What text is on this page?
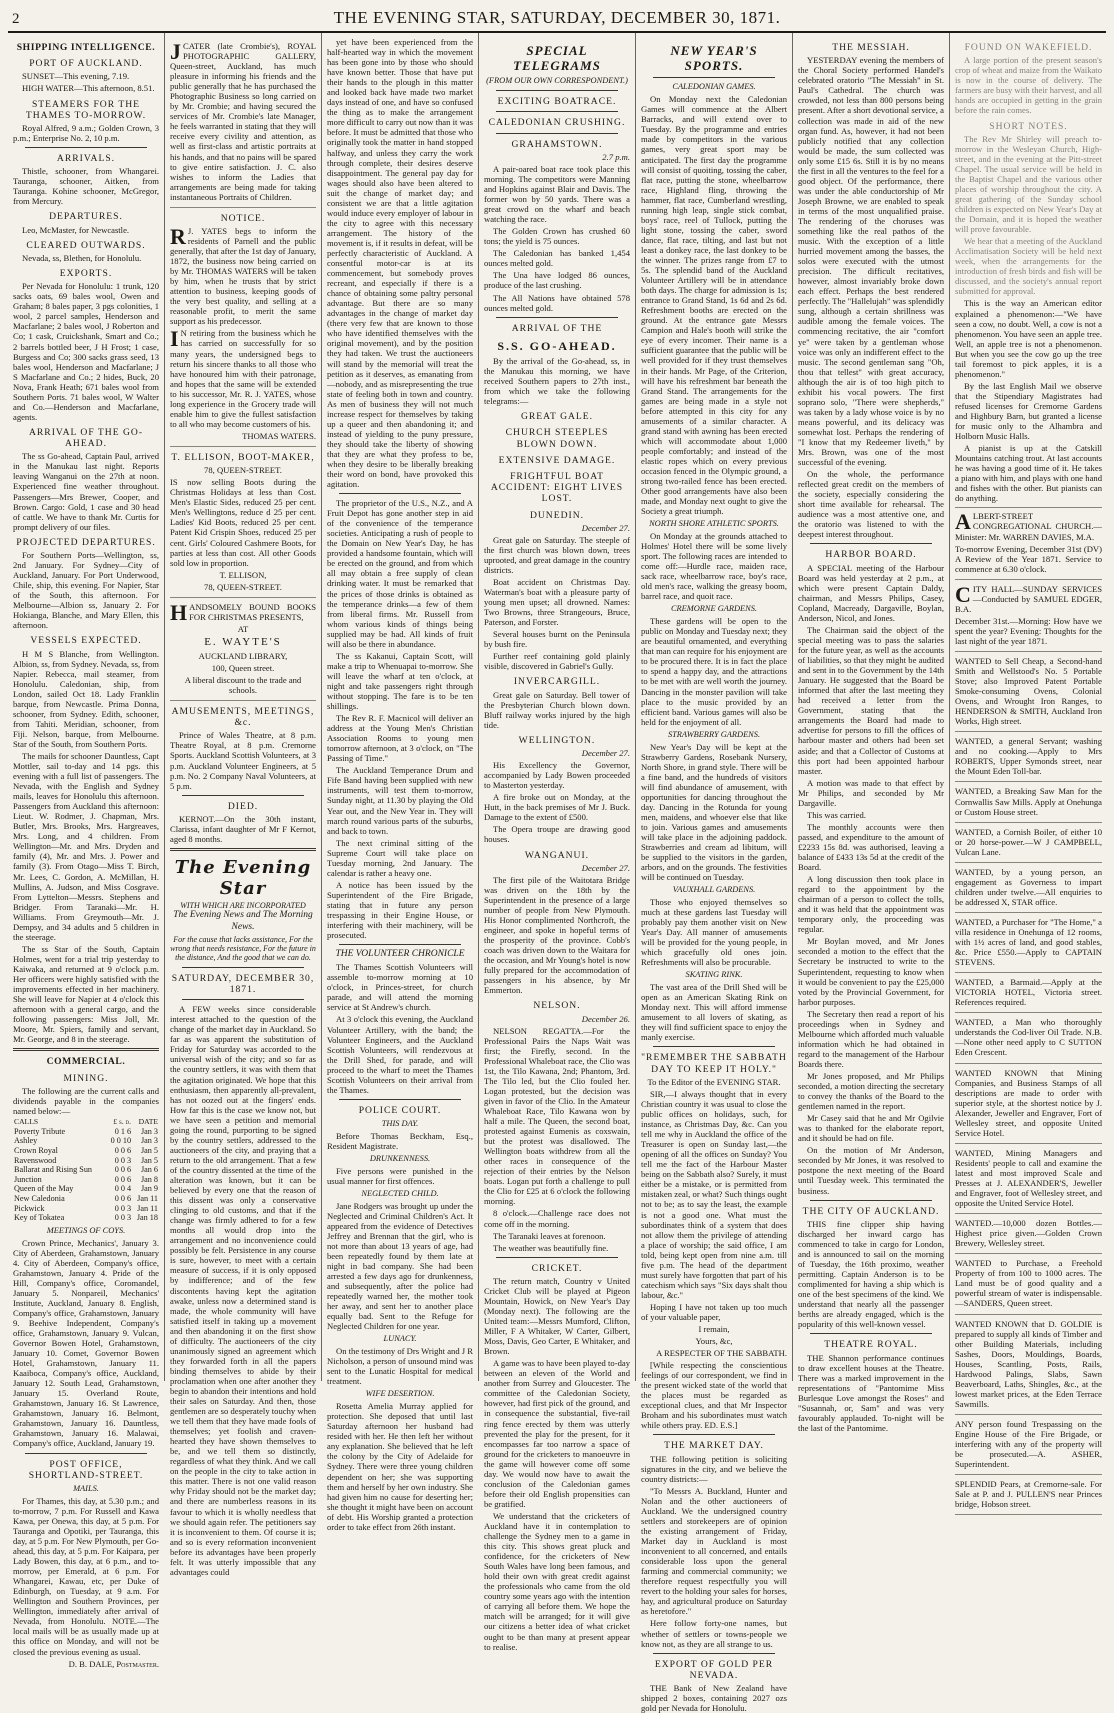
2	THE EVENING STAR, SATURDAY, DECEMBER 30, 1871.
SHIPPING INTELLIGENCE.
PORT OF AUCKLAND.

SUNSET—This evening, 7.19.

HIGH WATER—This afternoon, 8.51.

STEAMERS FOR THE THAMES TO-MORROW.

Royal Alfred, 9 a.m.; Golden Crown, 3 p.m.; Enterprise No. 2, 10 p.m.

ARRIVALS.

Thistle, schooner, from Whangarei. Tauranga, schooner, Aitken, from Tauranga. Kohine schooner, McGregor, from Mercury.

DEPARTURES.

Leo, McMaster, for Newcastle.

CLEARED OUTWARDS.

Nevada, ss, Blethen, for Honolulu.

EXPORTS.

Per Nevada for Honolulu: 1 trunk, 120 sacks oats, 69 bales wool, Owen and Graham; 8 bales paper, 3 pgs colonities, 1 wool, 2 parcel samples, Henderson and Macfarlane; 2 bales wool, J Roberton and Co; 1 cask, Cruickshank, Smart and Co.; 2 barrels bottled beer, J H Frost; 1 case, Burgess and Co; 300 sacks grass seed, 13 bales wool, Henderson and Macfarlane; J S Macfarlane and Co.; 2 hides, Buck, 20 Nova, Frank Heath; 671 bales wool from Southern Ports. 71 bales wool, W Walter and Co.—Henderson and Macfarlane, agents.

ARRIVAL OF THE GO-AHEAD.

The ss Go-ahead, Captain Paul, arrived in the Manukau last night. Reports leaving Wanganui on the 27th at noon. Experienced fine weather throughout. Passengers—Mrs Brewer, Cooper, and Brown. Cargo: Gold, 1 case and 30 head of cattle. We have to thank Mr. Curtis for prompt delivery of our files.

PROJECTED DEPARTURES.

For Southern Ports—Wellington, ss, 2nd January. For Sydney—City of Auckland, January. For Port Underwood, Chile, ship, this evening. For Napier, Star of the South, this afternoon. For Melbourne—Albion ss, January 2. For Hokianga, Blanche, and Mary Ellen, this afternoon.

VESSELS EXPECTED.

H M S Blanche, from Wellington. Albion, ss, from Sydney. Nevada, ss, from Napier. Rebecca, mail steamer, from Honolulu. Caledonian, ship, from London, sailed Oct 18. Lady Franklin barque, from Newcastle. Prima Donna, schooner, from Sydney. Edith, schooner, from Tahiti. Meridian, schooner, from Fiji. Nelson, barque, from Melbourne. Star of the South, from Southern Ports.

The mails for schooner Dauntless, Capt Mottler, sail to-day and 14 pgs. this evening with a full list of passengers. The Nevada, with the English and Sydney mails, leaves for Honolulu this afternoon. Passengers from Auckland this afternoon: Lieut. W. Rodmer, J. Chapman, Mrs. Butler, Mrs. Brooks, Mrs. Hargreaves, Mrs. Long, and 4 children. From Wellington—Mr. and Mrs. Dryden and family (4), Mr. and Mrs. J. Power and family (3). From Otago—Miss T. Birch, Mr. Lees, C. Gordon, A. McMillan, H. Mullins, A. Judson, and Miss Cosgrave. From Lyttelton—Messrs. Stephens and Bridger. From Taranaki—Mr. H. Williams. From Greymouth—Mr. J. Dempsy, and 34 adults and 5 children in the steerage.

The ss Star of the South, Captain Holmes, went for a trial trip yesterday to Kaiwaka, and returned at 9 o'clock p.m. Her officers were highly satisfied with the improvements effected in her machinery. She will leave for Napier at 4 o'clock this afternoon with a general cargo, and the following passengers: Miss Joll, Mr. Moore, Mr. Spiers, family and servant, Mr. George, and 8 in the steerage.

COMMERCIAL.
MINING.

The following are the current calls and dividends payable in the companies named below:—

CALLS	£ s. d.	DATE
Poverty Tribute	0 1 6	Jan 3
Ashley	0 0 10	Jan 3
Crown Royal	0 0 6	Jan 5
Ravenswood	0 0 3	Jan 5
Ballarat and Rising Sun	0 0 6	Jan 6
Junction	0 0 6	Jan 8
Queen of the May	0 0 4	Jan 9
New Caledonia	0 0 6	Jan 11
Pickwick	0 0 3	Jan 11
Key of Tokatea	0 0 3	Jan 18
MEETINGS OF COYS.

Crown Prince, Mechanics', January 3. City of Aberdeen, Grahamstown, January 4. City of Aberdeen, Company's office, Grahamstown, January 4. Pride of the Hill, Company's office, Coromandel, January 5. Nonpareil, Mechanics' Institute, Auckland, January 8. English, Company's office, Grahamstown, January 9. Beehive Independent, Company's office, Grahamstown, January 9. Vulcan, Governor Bowen Hotel, Grahamstown, January 10. Comet, Governor Bowen Hotel, Grahamstown, January 11. Kaaiboca, Company's office, Auckland, January 12. South Lead, Grahamstown, January 15. Overland Route, Grahamstown, January 16. St Lawrence, Grahamstown, January 16. Belmont, Grahamstown, January 16. Dauntless, Grahamstown, January 16. Malawai, Company's office, Auckland, January 19.

POST OFFICE, SHORTLAND-STREET.
MAILS.

For Thames, this day, at 5.30 p.m.; and to-morrow, 7 p.m. For Russell and Kawa Kawa, per Onewa, this day, at 5 p.m. For Tauranga and Opotiki, per Tauranga, this day, at 5 p.m. For New Plymouth, per Go-ahead, this day, at 5 p.m. For Kaipara, per Lady Bowen, this day, at 6 p.m., and to-morrow, per Emerald, at 6 p.m. For Whangarei, Kawau, etc, per Duke of Edinburgh, on Tuesday, at 9 a.m. For Wellington and Southern Provinces, per Wellington, immediately after arrival of Nevada, from Honolulu. NOTE.—The local mails will be as usually made up at this office on Monday, and will not be closed the previous evening as usual.

D. B. DALE, Postmaster.

J CATER (late Crombie's), ROYAL PHOTOGRAPHIC GALLERY, Queen-street, Auckland, has much pleasure in informing his friends and the public generally that he has purchased the Photographic Business so long carried on by Mr. Crombie; and having secured the services of Mr. Crombie's late Manager, he feels warranted in stating that they will receive every civility and attention, as well as first-class and artistic portraits at his hands, and that no pains will be spared to give entire satisfaction. J. C. also wishes to inform the Ladies that arrangements are being made for taking instantaneous Portraits of Children.

NOTICE.
R J. YATES begs to inform the residents of Parnell and the public generally, that after the 1st day of January, 1872, the business now being carried on by Mr. THOMAS WATERS will be taken by him, when he trusts that by strict attention to business, keeping goods of the very best quality, and selling at a reasonable profit, to merit the same support as his predecessor.

I N retiring from the business which he has carried on successfully for so many years, the undersigned begs to return his sincere thanks to all those who have honoured him with their patronage, and hopes that the same will be extended to his successor, Mr. R. J. YATES, whose long experience in the Grocery trade will enable him to give the fullest satisfaction to all who may become customers of his.

THOMAS WATERS.

T. ELLISON, BOOT-MAKER,

78, QUEEN-STREET.

IS now selling Boots during the Christmas Holidays at less than Cost. Men's Elastic Sides, reduced 25 per cent. Men's Wellingtons, reduce d 25 per cent. Ladies' Kid Boots, reduced 25 per cent. Patent Kid Crispin Shoes, reduced 25 per cent. Girls' Coloured Cashmere Boots, for parties at less than cost. All other Goods sold low in proportion.

T. ELLISON,

78, QUEEN-STREET.

H ANDSOMELY BOUND BOOKS FOR CHRISTMAS PRESENTS,

AT

E. WAYTE'S

AUCKLAND LIBRARY,

100, Queen street.

A liberal discount to the trade and schools.

AMUSEMENTS, MEETINGS, &c.

Prince of Wales Theatre, at 8 p.m. Theatre Royal, at 8 p.m. Cremorne Sports. Auckland Scottish Volunteers, at 3 p.m. Auckland Volunteer Engineers, at 5 p.m. No. 2 Company Naval Volunteers, at 5 p.m.

DIED.

KERNOT.—On the 30th instant, Clarissa, infant daughter of Mr F Kernot, aged 8 months.

The Evening Star
WITH WHICH ARE INCORPORATED
The Evening News and The Morning News.
For the cause that lacks assistance, For the wrong that needs resistance, For the future in the distance, And the good that we can do.
SATURDAY, DECEMBER 30, 1871.

A FEW weeks since considerable interest attached to the question of the change of the market day in Auckland. So far as was apparent the substitution of Friday for Saturday was accorded to the universal wish of the city; and so far as the country settlers, it was with them that the agitation originated. We hope that this enthusiasm, then apparently all-prevalent, has not oozed out at the fingers' ends. How far this is the case we know not, but we have seen a petition and memorial going the round, purporting to be signed by the country settlers, addressed to the auctioneers of the city, and praying that a return to the old arrangement. That a few of the country dissented at the time of the alteration was known, but it can be believed by every one that the reason of this dissent was only a conservative clinging to old customs, and that if the change was firmly adhered to for a few months all would drop into the arrangement and no inconvenience could possibly be felt. Persistence in any course is sure, however, to meet with a certain measure of success, if it is only opposed by indifference; and of the few discontents having kept the agitation awake, unless now a determined stand is made, the whole community will have satisfied itself in taking up a movement and then abandoning it on the first show of difficulty. The auctioneers of the city unanimously signed an agreement which they forwarded forth in all the papers binding themselves to abide by their proclamation when one after another they begin to abandon their intentions and hold their sales on Saturday. And then, those gentlemen are so desperately touchy when we tell them that they have made fools of themselves; yet foolish and craven-hearted they have shown themselves to be, and we tell them so distinctly, regardless of what they think. And we call on the people in the city to take action in this matter. There is not one valid reason why Friday should not be the market day; and there are numberless reasons in its favour to which it is wholly needless that we should again refer. The petitioners say it is inconvenient to them. Of course it is; and so is every reformation inconvenient before its advantages have been properly felt. It was utterly impossible that any advantages could

yet have been experienced from the half-hearted way in which the movement has been gone into by those who should have known better. Those that have put their hands to the plough in this matter and looked back have made two market days instead of one, and have so confused the thing as to make the arrangement more difficult to carry out now than it was before. It must be admitted that those who originally took the matter in hand stopped halfway, and unless they carry the work through complete, their desires deserve disappointment. The general pay day for wages should also have been altered to suit the change of market day; and consistent we are that a little agitation would induce every employer of labour in the city to agree with this necessary arrangement. The history of the movement is, if it results in defeat, will be perfectly characteristic of Auckland. A consentful motor-car is at its commencement, but somebody proves recreant, and especially if there is a chance of obtaining some paltry personal advantage. But there are so many advantages in the change of market day (there very few that are known to those who have identified themselves with the original movement), and by the position they had taken. We trust the auctioneers will stand by the memorial will treat the petition as it deserves, as emanating from—nobody, and as misrepresenting the true state of feeling both in town and country. As men of business they will not much increase respect for themselves by taking up a queer and then abandoning it; and instead of yielding to the puny pressure, they should take the liberty of showing that they are what they profess to be, when they desire to be liberally breaking their word on bond, have provoked this agitation.

The proprietor of the U.S., N.Z., and A Fruit Depot has gone another step in aid of the convenience of the temperance societies. Anticipating a rush of people to the Domain on New Year's Day, he has provided a handsome fountain, which will be erected on the ground, and from which all may obtain a free supply of clean drinking water. It must be remarked that the prices of those drinks is obtained as the temperance drinks—a few of them from liberal firms. Mr. Russell from whom various kinds of things being supplied may be had. All kinds of fruit will also be there in abundance.

The ss Kakanui, Captain Scott, will make a trip to Whenuapai to-morrow. She will leave the wharf at ten o'clock, at night and take passengers right through without stopping. The fare is to be ten shillings.

The Rev R. F. Macnicol will deliver an address at the Young Men's Christian Association Rooms to young men tomorrow afternoon, at 3 o'clock, on "The Passing of Time."

The Auckland Temperance Drum and Fife Band having been supplied with new instruments, will test them to-morrow, Sunday night, at 11.30 by playing the Old Year out, and the New Year in. They will march round various parts of the suburbs, and back to town.

The next criminal sitting of the Supreme Court will take place on Tuesday morning, 2nd January. The calendar is rather a heavy one.

A notice has been issued by the Superintendent of the Fire Brigade, stating that in future any person trespassing in their Engine House, or interfering with their machinery, will be prosecuted.

THE VOLUNTEER CHRONICLE

The Thames Scottish Volunteers will assemble to-morrow morning at 10 o'clock, in Princes-street, for church parade, and will attend the morning service at St Andrew's church.

At 3 o'clock this evening, the Auckland Volunteer Artillery, with the band; the Volunteer Engineers, and the Auckland Scottish Volunteers, will rendezvous at the Drill Shed, for parade, and will proceed to the wharf to meet the Thames Scottish Volunteers on their arrival from the Thames.

POLICE COURT.
THIS DAY.

Before Thomas Beckham, Esq., Resident Magistrate.

DRUNKENNESS.

Five persons were punished in the usual manner for first offences.

NEGLECTED CHILD.

Jane Rodgers was brought up under the Neglected and Criminal Children's Act. It appeared from the evidence of Detectives Jeffrey and Brennan that the girl, who is not more than about 13 years of age, had been repeatedly found by them late at night in bad company. She had been arrested a few days ago for drunkenness, and subsequently, after the police had repeatedly warned her, the mother took her away, and sent her to another place equally bad. Sent to the Refuge for Neglected Children for one year.

LUNACY.

On the testimony of Drs Wright and J R Nicholson, a person of unsound mind was sent to the Lunatic Hospital for medical treatment.

WIFE DESERTION.

Rosetta Amelia Murray applied for protection. She deposed that until last Saturday afternoon her husband had resided with her. He then left her without any explanation. She believed that he left the colony by the City of Adelaide for Sydney. There were three young children dependent on her; she was supporting them and herself by her own industry. She had given him no cause for deserting her; she thought it might have been on account of debt. His Worship granted a protection order to take effect from 26th instant.

SPECIAL TELEGRAMS
(FROM OUR OWN CORRESPONDENT.)
EXCITING BOATRACE.
CALEDONIAN CRUSHING.
GRAHAMSTOWN.

2.7 p.m.

A pair-oared boat race took place this morning. The competitors were Manning and Hopkins against Blair and Davis. The former won by 50 yards. There was a great crowd on the wharf and beach watching the race.

The Golden Crown has crushed 60 tons; the yield is 75 ounces.

The Caledonian has banked 1,454 ounces melted gold.

The Una have lodged 86 ounces, produce of the last crushing.

The All Nations have obtained 578 ounces melted gold.

ARRIVAL OF THE
S.S. GO-AHEAD.

By the arrival of the Go-ahead, ss, in the Manukau this morning, we have received Southern papers to 27th inst., from which we take the following telegrams:—

GREAT GALE.
CHURCH STEEPLES BLOWN DOWN.
EXTENSIVE DAMAGE.
FRIGHTFUL BOAT ACCIDENT: EIGHT LIVES LOST.
DUNEDIN.

December 27.

Great gale on Saturday. The steeple of the first church was blown down, trees uprooted, and great damage in the country districts.

Boat accident on Christmas Day. Waterman's boat with a pleasure party of young men upset; all drowned. Names: Two Browns, three Strangeours, Bruce, Paterson, and Forster.

Several houses burnt on the Peninsula by bush fire.

Further reef containing gold plainly visible, discovered in Gabriel's Gully.

INVERCARGILL.

Great gale on Saturday. Bell tower of the Presbyterian Church blown down. Bluff railway works injured by the high tide.

WELLINGTON.

December 27.

His Excellency the Governor, accompanied by Lady Bowen proceeded to Masterton yesterday.

A fire broke out on Monday, at the Hutt, in the back premises of Mr J. Buck. Damage to the extent of £500.

The Opera troupe are drawing good houses.

WANGANUI.

December 27.

The first pile of the Waitotara Bridge was driven on the 18th by the Superintendent in the presence of a large number of people from New Plymouth. His Honor complimented Northcroft, the engineer, and spoke in hopeful terms of the prosperity of the province. Cobb's coach was driven down to the Waitara for the occasion, and Mr Young's hotel is now fully prepared for the accommodation of passengers in his absence, by Mr Emmerton.

NELSON.

December 26.

NELSON REGATTA.—For the Professional Pairs the Naps Wait was first; the Firefly, second. In the Professional Whaleboat race, the Clio was 1st, the Tilo Kawana, 2nd; Phantom, 3rd. The Tilo led, but the Clio fouled her. Logan protested, but the decision was given in favor of the Clio. In the Amateur Whaleboat Race, Tilo Kawana won by half a mile. The Queen, the second boat, protested against Eumenis as coxswain, but the protest was disallowed. The Wellington boats withdrew from all the other races in consequence of the rejection of their entries by the Nelson boats. Logan put forth a challenge to pull the Clio for £25 at 6 o'clock the following morning.

8 o'clock.—Challenge race does not come off in the morning.

The Taranaki leaves at forenoon.

The weather was beautifully fine.

CRICKET.

The return match, Country v United Cricket Club will be played at Pigeon Mountain, Howick, on New Year's Day (Monday next). The following are the United team:—Messrs Mumford, Clifton, Miller, F A Whitaker, W Carter, Gilbert, Moss, Davis, Geo Carter, E Whitaker, and Brown.

A game was to have been played to-day between an eleven of the World and another from Surrey and Gloucester. The committee of the Caledonian Society, however, had first pick of the ground, and in consequence the substantial, five-rail ring fence erected by them was utterly prevented the play for the present, for it encompasses far too narrow a space of ground for the cricketers to manoeuvre in the game will however come off some day. We would now have to await the conclusion of the Caledonian games before their old English propensities can be gratified.

We understand that the cricketers of Auckland have it in contemplation to challenge the Sydney men to a game in this city. This shows great pluck and confidence, for the cricketers of New South Wales have long been famous, and hold their own with great credit against the professionals who came from the old country some years ago with the intention of carrying all before them. We hope the match will be arranged; for it will give our citizens a better idea of what cricket ought to be than many at present appear to realise.

NEW YEAR'S SPORTS.
CALEDONIAN GAMES.

On Monday next the Caledonian Games will commence at the Albert Barracks, and will extend over to Tuesday. By the programme and entries made by competitors in the various games, very great sport may be anticipated. The first day the programme will consist of quoiting, tossing the caber, flat race, putting the stone, wheelbarrow race, Highland fling, throwing the hammer, flat race, Cumberland wrestling, running high leap, single stick combat, boys' race, reel of Tullock, putting the light stone, tossing the caber, sword dance, flat race, tilting, and last but not least a donkey race, the last donkey to be the winner. The prizes range from £7 to 5s. The splendid band of the Auckland Volunteer Artillery will be in attendance both days. The charge for admission is 1s; entrance to Grand Stand, 1s 6d and 2s 6d. Refreshment booths are erected on the ground. At the entrance gate Messrs Campion and Hale's booth will strike the eye of every incomer. Their name is a sufficient guarantee that the public will be well provided for if they trust themselves in their hands. Mr Page, of the Criterion, will have his refreshment bar beneath the Grand Stand. The arrangements for the games are being made in a style not before attempted in this city for any amusements of a similar character. A grand stand with awning has been erected which will accommodate about 1,000 people comfortably; and instead of the elastic ropes which on every previous occasion fenced in the Olympic ground, a strong two-railed fence has been erected. Other good arrangements have also been made, and Monday next ought to give the Society a great triumph.

NORTH SHORE ATHLETIC SPORTS.

On Monday at the grounds attached to Holmes' Hotel there will be some lively sport. The following races are intended to come off:—Hurdle race, maiden race, sack race, wheelbarrow race, boy's race, old men's race, walking the greasy boom, barrel race, and quoit race.

CREMORNE GARDENS.

These gardens will be open to the public on Monday and Tuesday next; they are beautiful ornamented, and everything that man can require for his enjoyment are to be procured there. It is in fact the place to spend a happy day, and the attractions to be met with are well worth the journey. Dancing in the monster pavilion will take place to the music provided by an efficient band. Various games will also be held for the enjoyment of all.

STRAWBERRY GARDENS.

New Year's Day will be kept at the Strawberry Gardens, Rosebank Nursery, North Shore, in grand style. There will be a fine band, and the hundreds of visitors will find abundance of amusement, with opportunities for dancing throughout the day. Dancing in the Rotunda for young men, maidens, and whoever else that like to join. Various games and amusements will take place in the adjoining paddock. Strawberries and cream ad libitum, will be supplied to the visitors in the garden, arbors, and on the grounds. The festivities will be continued on Tuesday.

VAUXHALL GARDENS.

Those who enjoyed themselves so much at these gardens last Tuesday will probably pay them another visit on New Year's Day. All manner of amusements will be provided for the young people, in which gracefully old ones join. Refreshments will also be procurable.

SKATING RINK.

The vast area of the Drill Shed will be open as an American Skating Rink on Monday next. This will afford immense amusement to all lovers of skating, as they will find sufficient space to enjoy the manly exercise.

"REMEMBER THE SABBATH DAY TO KEEP IT HOLY."

To the Editor of the EVENING STAR.

SIR,—I always thought that in every Christian country it was usual to close the public offices on holidays, such, for instance, as Christmas Day, &c. Can you tell me why in Auckland the office of the Treasurer is open on Sunday last,—the opening of all the offices on Sunday? You tell me the fact of the Harbour Master being on the Sabbath also? Surely, it must either be a mistake, or is permitted from mistaken zeal, or what? Such things ought not to be; as to say the least, the example is not a good one. What must the subordinates think of a system that does not allow them the privilege of attending a place of worship; the said office, I am told, being kept open from nine a.m. till five p.m. The head of the department must surely have forgotten that part of his catechism which says "Six days shalt thou labour, &c."

Hoping I have not taken up too much of your valuable paper,

I remain,

Yours, &c,

A RESPECTER OF THE SABBATH.

[While respecting the conscientious feelings of our correspondent, we find in the present wicked state of the world that the places must be regarded as exceptional clues, and that Mr Inspector Broham and his subordinates must watch while others pray. ED. E.S.]

THE MARKET DAY.

THE following petition is soliciting signatures in the city, and we believe the country districts:—

"To Messrs A. Buckland, Hunter and Nolan and the other auctioneers of Auckland. We the undersigned country settlers and storekeepers are of opinion the existing arrangement of Friday, Market day in Auckland is most inconvenient to all concerned, and entails considerable loss upon the general farming and commercial community; we therefore request respectfully you will revert to the holding your sales for horses, hay, and agricultural produce on Saturday as heretofore."

Here follow forty-one names, but whether of settlers or towns-people we know not, as they are all strange to us.

EXPORT OF GOLD PER NEVADA.

THE Bank of New Zealand have shipped 2 boxes, containing 2027 ozs gold per Nevada for Honolulu.

THE MESSIAH.

YESTERDAY evening the members of the Choral Society performed Handel's celebrated oratorio "The Messiah" in St. Paul's Cathedral. The church was crowded, not less than 800 persons being present. After a short devotional service, a collection was made in aid of the new organ fund. As, however, it had not been publicly notified that any collection would be made, the sum collected was only some £15 6s. Still it is by no means the first in all the ventures to the feel for a good object. Of the performance, there was under the able conductorship of Mr Joseph Browne, we are enabled to speak in terms of the most unqualified praise. The rendering of the choruses was something like the real pathos of the music. With the exception of a little hurried movement among the basses, the solos were executed with the utmost precision. The difficult recitatives, however, almost invariably broke down each effect. Perhaps the best rendered perfectly. The "Hallelujah" was splendidly sung, although a certain shrillness was audible among the female voices. The commencing recitative, the air "comfort ye" were taken by a gentleman whose voice was only an indifferent effect to the music. The second gentleman sang "Oh, thou that tellest" with great accuracy, although the air is of too high pitch to exhibit his vocal powers. The first soprano solo, "There were shepherds," was taken by a lady whose voice is by no means powerful, and its delicacy was somewhat lost. Perhaps the rendering of "I know that my Redeemer liveth," by Mrs. Brown, was one of the most successful of the evening.

On the whole, the performance reflected great credit on the members of the society, especially considering the short time available for rehearsal. The audience was a most attentive one, and the oratorio was listened to with the deepest interest throughout.

HARBOR BOARD.

A SPECIAL meeting of the Harbour Board was held yesterday at 2 p.m., at which were present Captain Daldy, chairman, and Messrs Philips, Casey, Copland, Macready, Dargaville, Boylan, Anderson, Nicol, and Jones.

The Chairman said the object of the special meeting was to pass the salaries for the future year, as well as the accounts of liabilities, so that they might be audited and sent in to the Government by the 14th January. He suggested that the Board be informed that after the last meeting they had received a letter from the Government, stating that the arrangements the Board had made to advertise for persons to fill the offices of harbour master and others had been set aside; and that a Collector of Customs at this port had been appointed harbour master.

A motion was made to that effect by Mr Philips, and seconded by Mr Dargaville.

This was carried.

The monthly accounts were then passed, and expenditure to the amount of £2233 15s 8d. was authorised, leaving a balance of £433 13s 5d at the credit of the Board.

A long discussion then took place in regard to the appointment by the chairman of a person to collect the tolls, and it was held that the appointment was temporary only, the proceeding was regular.

Mr Boylan moved, and Mr Jones seconded a motion to the effect that the Secretary be instructed to write to the Superintendent, requesting to know when it would be convenient to pay the £25,000 voted by the Provincial Government, for harbor purposes.

The Secretary then read a report of his proceedings when in Sydney and Melbourne which afforded much valuable information which he had obtained in regard to the management of the Harbour Boards there.

Mr Jones proposed, and Mr Philips seconded, a motion directing the secretary to convey the thanks of the Board to the gentlemen named in the report.

Mr Casey said that he and Mr Ogilvie was to thanked for the elaborate report, and it should be had on file.

On the motion of Mr Anderson, seconded by Mr Jones, it was resolved to postpone the next meeting of the Board until Tuesday week. This terminated the business.

THE CITY OF AUCKLAND.

THIS fine clipper ship having discharged her inward cargo has commenced to take in cargo for London, and is announced to sail on the morning of Tuesday, the 16th proximo, weather permitting. Captain Anderson is to be complimented for having a ship which is one of the best specimens of the kind. We understand that nearly all the passenger berths are already engaged, which is the popularity of this well-known vessel.

THEATRE ROYAL.

THE Shannon performance continues to draw excellent houses at the Theatre. There was a marked improvement in the representations of "Pantomime Miss Burlesque Love amongst the Roses" and "Susannah, or, Sam" and was very favourably applauded. To-night will be the last of the Pantomime.

FOUND ON WAKEFIELD.

A large portion of the present season's crop of wheat and maize from the Waikato is now in the course of delivery. The farmers are busy with their harvest, and all hands are occupied in getting in the grain before the rain comes.

SHORT NOTES.

The Rev Mr Shirley will preach to-morrow in the Wesleyan Church, High-street, and in the evening at the Pitt-street Chapel. The usual service will be held in the Baptist Chapel and the various other places of worship throughout the city. A great gathering of the Sunday school children is expected on New Year's Day at the Domain, and it is hoped the weather will prove favourable.

We hear that a meeting of the Auckland Acclimatisation Society will be held next week, when the arrangements for the introduction of fresh birds and fish will be discussed, and the society's annual report submitted for approval.

This is the way an American editor explained a phenomenon:—"We have seen a cow, no doubt. Well, a cow is not a phenomenon. You have seen an apple tree. Well, an apple tree is not a phenomenon. But when you see the cow go up the tree tail foremost to pick apples, it is a phenomenon."

By the last English Mail we observe that the Stipendiary Magistrates had refused licenses for Cremorne Gardens and Highbury Barn, but granted a license for music only to the Alhambra and Holborn Music Halls.

A pianist is up at the Catskill Mountains catching trout. At last accounts he was having a good time of it. He takes a piano with him, and plays with one hand and fishes with the other. But pianists can do anything.

A LBERT-STREET CONGREGATIONAL CHURCH.—Minister: Mr. WARREN DAVIES, M.A.

To-morrow Evening, December 31st (DV) A Review of the Year 1871. Service to commence at 6.30 o'clock.

C ITY HALL—SUNDAY SERVICES—Conducted by SAMUEL EDGER, B.A.

December 31st.—Morning: How have we spent the year? Evening: Thoughts for the last night of the year 1871.

WANTED to Sell Cheap, a Second-hand Smith and Wellstood's No. 5 Portable Stove; also Improved Patent Portable Smoke-consuming Ovens, Colonial Ovens, and Wrought Iron Ranges, to HENDERSON & SMITH, Auckland Iron Works, High street.

WANTED, a general Servant; washing and no cooking.—Apply to Mrs ROBERTS, Upper Symonds street, near the Mount Eden Toll-bar.

WANTED, a Breaking Saw Man for the Cornwallis Saw Mills. Apply at Onehunga or Custom House street.

WANTED, a Cornish Boiler, of either 10 or 20 horse-power.—W J CAMPBELL, Vulcan Lane.

WANTED, by a young person, an engagement as Governess to impart children under twelve.—All enquiries to be addressed X, STAR office.

WANTED, a Purchaser for "The Home," a villa residence in Onehunga of 12 rooms, with 1½ acres of land, and good stables, &c. Price £550.—Apply to CAPTAIN STEVENS.

WANTED, a Barmaid.—Apply at the VICTORIA HOTEL, Victoria street. References required.

WANTED, a Man who thoroughly understands the Cod-liver Oil Trade. N.B.—None other need apply to C SUTTON Eden Crescent.

WANTED KNOWN that Mining Companies, and Business Stamps of all descriptions are made to order with superior style, at the shortest notice by J. Alexander, Jeweller and Engraver, Fort of Wellesley street, and opposite United Service Hotel.

WANTED, Mining Managers and Residents' people to call and examine the latest and most improved Scale and Presses at J. ALEXANDER'S, Jeweller and Engraver, foot of Wellesley street, and opposite the United Service Hotel.

WANTED.—10,000 dozen Bottles.—Highest price given.—Golden Crown Brewery, Wellesley street.

WANTED to Purchase, a Freehold Property of from 100 to 1000 acres. The Land must be of good quality and a powerful stream of water is indispensable.—SANDERS, Queen street.

WANTED KNOWN that D. GOLDIE is prepared to supply all kinds of Timber and other Building Materials, including Sashes, Doors, Mouldings, Boards, Houses, Scantling, Posts, Rails, Hardwood Palings, Slabs, Sawn Beaverboard, Laths, Shingles, &c., at the lowest market prices, at the Eden Terrace Sawmills.

ANY person found Trespassing on the Engine House of the Fire Brigade, or interfering with any of the property will be prosecuted.—A. ASHER, Superintendent.

SPLENDID Pears, at Cremorne-sale. For Sale at P. and J. PULLEN'S near Princes bridge, Hobson street.
